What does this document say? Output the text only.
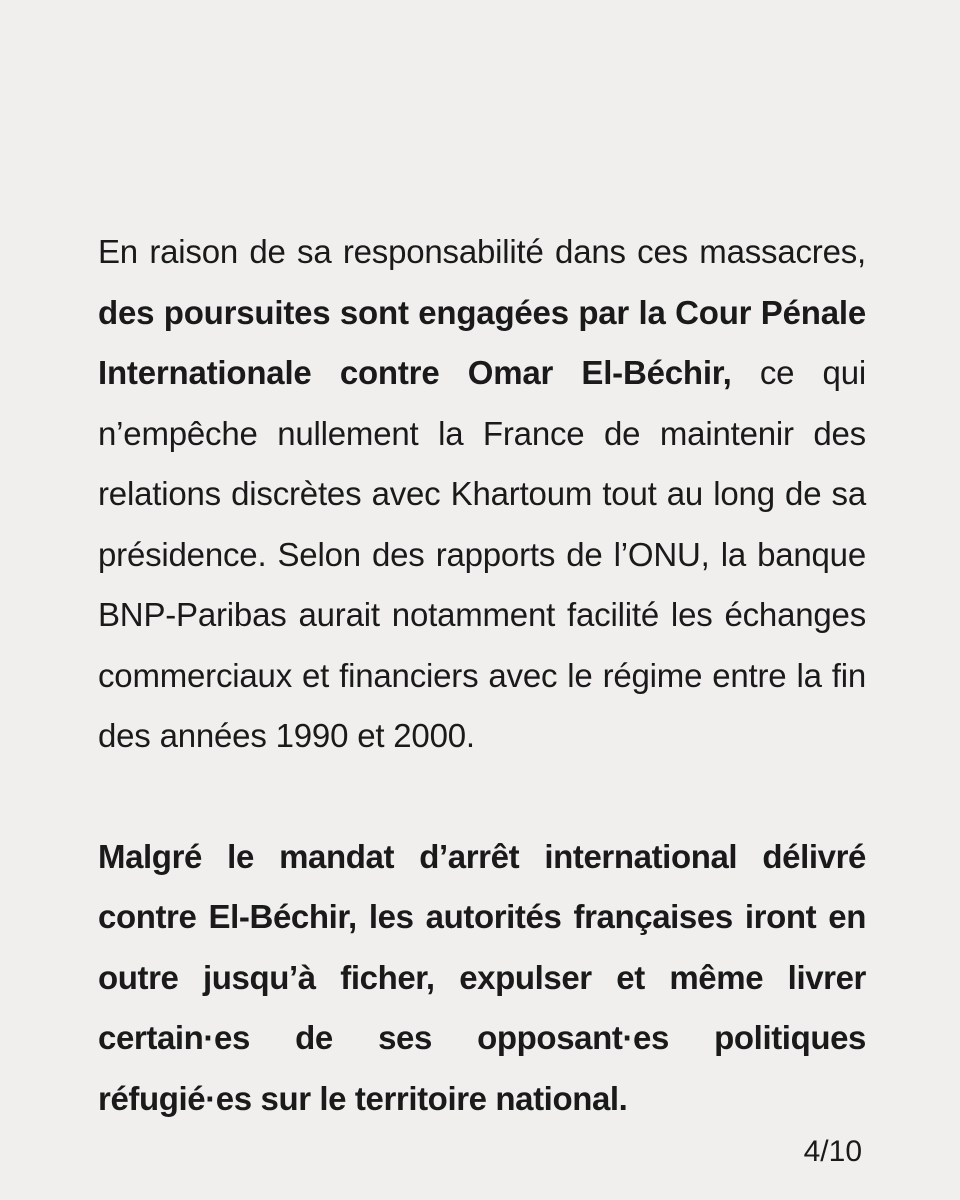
En raison de sa responsabilité dans ces massacres, des poursuites sont engagées par la Cour Pénale Internationale contre Omar El-Béchir, ce qui n’empêche nullement la France de maintenir des relations discrètes avec Khartoum tout au long de sa présidence. Selon des rapports de l’ONU, la banque BNP-Paribas aurait notamment facilité les échanges commerciaux et financiers avec le régime entre la fin des années 1990 et 2000.

Malgré le mandat d’arrêt international délivré contre El-Béchir, les autorités françaises iront en outre jusqu’à ficher, expulser et même livrer certain·es de ses opposant·es politiques réfugié·es sur le territoire national.

4/10
